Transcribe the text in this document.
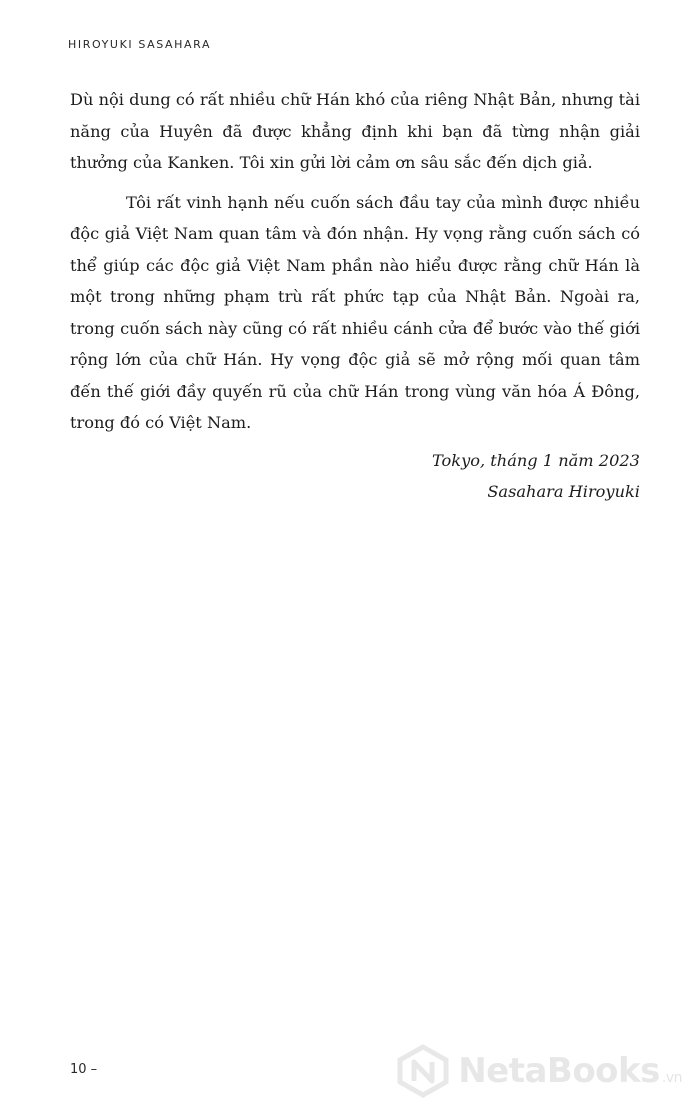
HIROYUKI SASAHARA

Dù nội dung có rất nhiều chữ Hán khó của riêng Nhật Bản, nhưng tài năng của Huyên đã được khẳng định khi bạn đã từng nhận giải thưởng của Kanken. Tôi xin gửi lời cảm ơn sâu sắc đến dịch giả.

Tôi rất vinh hạnh nếu cuốn sách đầu tay của mình được nhiều độc giả Việt Nam quan tâm và đón nhận. Hy vọng rằng cuốn sách có thể giúp các độc giả Việt Nam phần nào hiểu được rằng chữ Hán là một trong những phạm trù rất phức tạp của Nhật Bản. Ngoài ra, trong cuốn sách này cũng có rất nhiều cánh cửa để bước vào thế giới rộng lớn của chữ Hán. Hy vọng độc giả sẽ mở rộng mối quan tâm đến thế giới đầy quyến rũ của chữ Hán trong vùng văn hóa Á Đông, trong đó có Việt Nam.

Tokyo, tháng 1 năm 2023
Sasahara Hiroyuki
10 –	NetaBooks .vn
